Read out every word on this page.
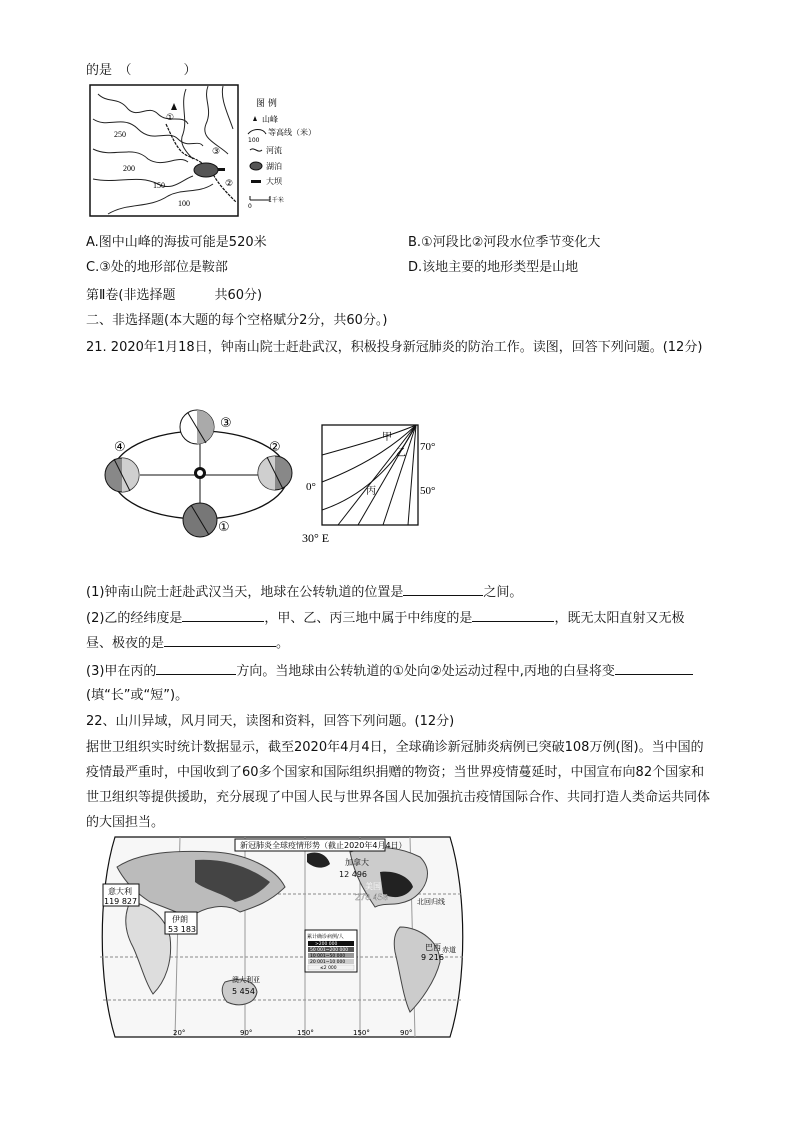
的是　（　　　　）
250
200
150
100
①
②
③
图 例
山峰
等高线（米）
100
河流
湖泊
大坝
0
1千米
A.图中山峰的海拔可能是520米	B.①河段比②河段水位季节变化大
C.③处的地形部位是鞍部	D.该地主要的地形类型是山地
第Ⅱ卷(非选择题　　　共60分)
二、非选择题(本大题的每个空格赋分2分，共60分。)
21. 2020年1月18日，钟南山院士赶赴武汉，积极投身新冠肺炎的防治工作。读图，回答下列问题。(12分)
③
④	②
①
甲
乙
丙
70°
50°
0°
30° E
(1)钟南山院士赶赴武汉当天，地球在公转轨道的位置是	之间。
(2)乙的经纬度是	，甲、乙、丙三地中属于中纬度的是	，既无太阳直射又无极
昼、极夜的是	。
(3)甲在丙的	方向。当地球由公转轨道的①处向②处运动过程中,丙地的白昼将变
(填“长”或“短”)。
22、山川异域，风月同天，读图和资料，回答下列问题。(12分)
据世卫组织实时统计数据显示，截至2020年4月4日，全球确诊新冠肺炎病例已突破108万例(图)。当中国的疫情最严重时，中国收到了60多个国家和国际组织捐赠的物资；当世界疫情蔓延时，中国宣布向82个国家和世卫组织等提供援助，充分展现了中国人民与世界各国人民加强抗击疫情国际合作、共同打造人类命运共同体的大国担当。
新冠肺炎全球疫情形势（截止2020年4月4日）
意大利
119 827
伊朗
53 183
澳大利亚
5 454
加拿大
12 496
美国
278 458
巴西
9 216
北回归线
赤道
累计确诊病例/人
>200 000
50 001~200 000
10 001~50 000
20 001~10 000
≤2 000
20°	90°	150°	150°	90°
